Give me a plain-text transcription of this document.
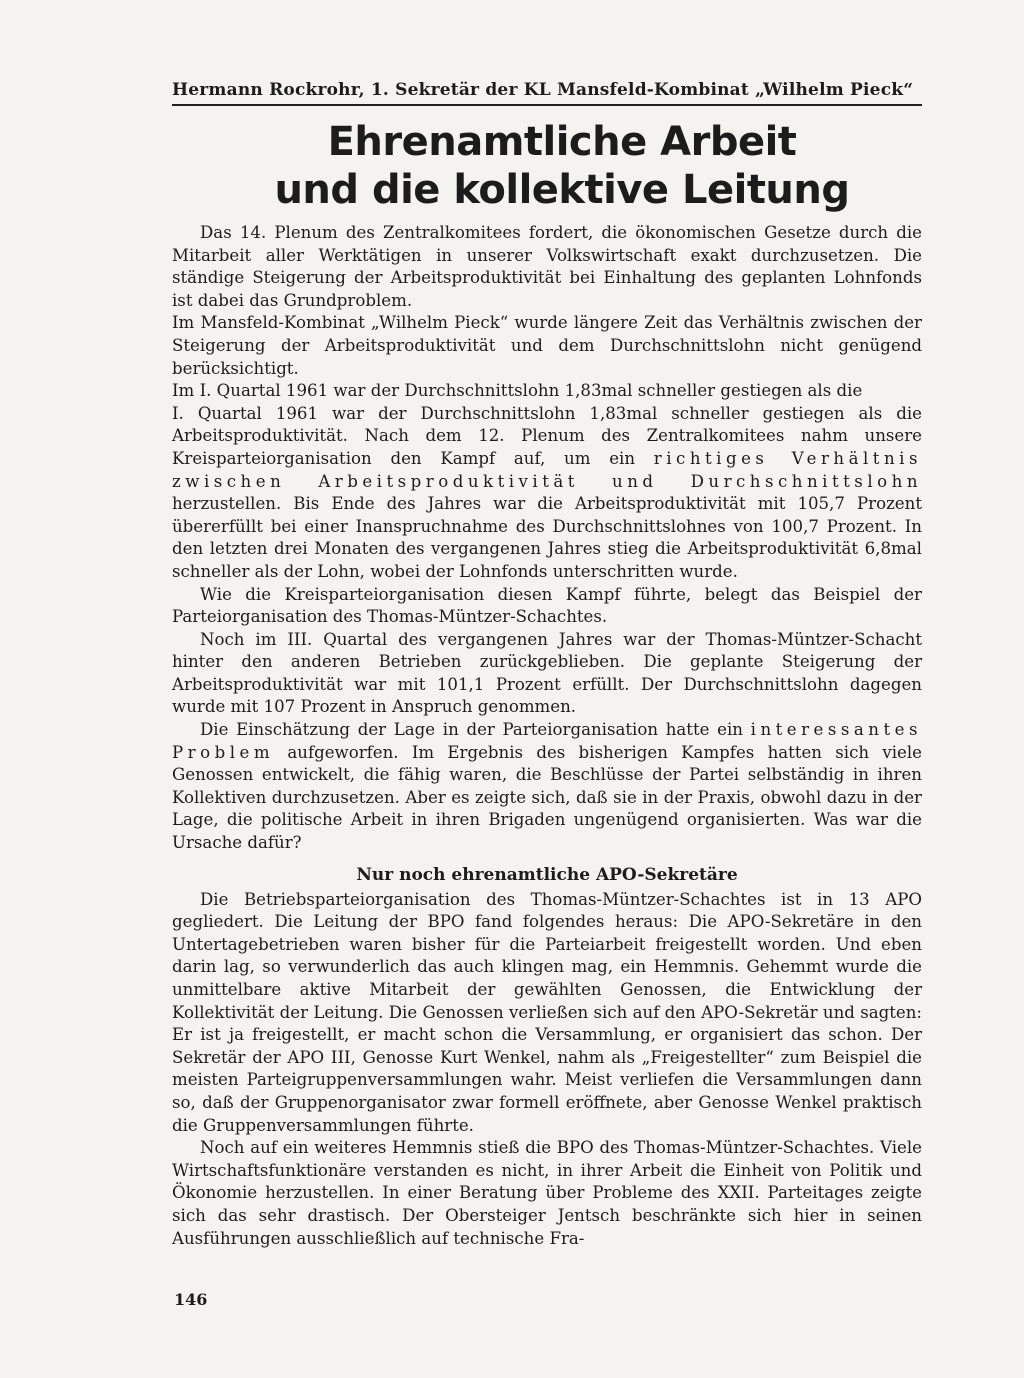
Hermann Rockrohr, 1. Sekretär der KL Mansfeld-Kombinat „Wilhelm Pieck“
Ehrenamtliche Arbeit
und die kollektive Leitung

Das 14. Plenum des Zentralkomitees fordert, die ökonomischen Gesetze durch die Mitarbeit aller Werktätigen in unserer Volkswirtschaft exakt durchzusetzen. Die ständige Steigerung der Arbeitsproduktivität bei Einhaltung des geplanten Lohnfonds ist dabei das Grundproblem.

Im Mansfeld-Kombinat „Wilhelm Pieck“ wurde längere Zeit das Verhältnis zwischen der Steigerung der Arbeitsproduktivität und dem Durchschnittslohn nicht genügend berücksichtigt.

Im I. Quartal 1961 war der Durchschnittslohn 1,83mal schneller gestiegen als die

I. Quartal 1961 war der Durchschnittslohn 1,83mal schneller gestiegen als die Arbeitsproduktivität. Nach dem 12. Plenum des Zentralkomitees nahm unsere Kreisparteiorganisation den Kampf auf, um ein richtiges Verhältnis zwischen Arbeitsproduktivität und Durchschnittslohn herzustellen. Bis Ende des Jahres war die Arbeitsproduktivität mit 105,7 Prozent übererfüllt bei einer Inanspruchnahme des Durchschnittslohnes von 100,7 Prozent. In den letzten drei Monaten des vergangenen Jahres stieg die Arbeitsproduktivität 6,8mal schneller als der Lohn, wobei der Lohnfonds unterschritten wurde.

Wie die Kreisparteiorganisation diesen Kampf führte, belegt das Beispiel der Parteiorganisation des Thomas-Müntzer-Schachtes.

Noch im III. Quartal des vergangenen Jahres war der Thomas-Müntzer-Schacht hinter den anderen Betrieben zurückgeblieben. Die geplante Steigerung der Arbeitsproduktivität war mit 101,1 Prozent erfüllt. Der Durchschnittslohn dagegen wurde mit 107 Prozent in Anspruch genommen.

Die Einschätzung der Lage in der Parteiorganisation hatte ein interessantes Problem aufgeworfen. Im Ergebnis des bisherigen Kampfes hatten sich viele Genossen entwickelt, die fähig waren, die Beschlüsse der Partei selbständig in ihren Kollektiven durchzusetzen. Aber es zeigte sich, daß sie in der Praxis, obwohl dazu in der Lage, die politische Arbeit in ihren Brigaden ungenügend organisierten. Was war die Ursache dafür?

Nur noch ehrenamtliche APO-Sekretäre

Die Betriebsparteiorganisation des Thomas-Müntzer-Schachtes ist in 13 APO gegliedert. Die Leitung der BPO fand folgendes heraus: Die APO-Sekretäre in den Untertagebetrieben waren bisher für die Parteiarbeit freigestellt worden. Und eben darin lag, so verwunderlich das auch klingen mag, ein Hemmnis. Gehemmt wurde die unmittelbare aktive Mitarbeit der gewählten Genossen, die Entwicklung der Kollektivität der Leitung. Die Genossen verließen sich auf den APO-Sekretär und sagten: Er ist ja freigestellt, er macht schon die Versammlung, er organisiert das schon. Der Sekretär der APO III, Genosse Kurt Wenkel, nahm als „Freigestellter“ zum Beispiel die meisten Parteigruppenversammlungen wahr. Meist verliefen die Versammlungen dann so, daß der Gruppenorganisator zwar formell eröffnete, aber Genosse Wenkel praktisch die Gruppenversammlungen führte.

Noch auf ein weiteres Hemmnis stieß die BPO des Thomas-Müntzer-Schachtes. Viele Wirtschaftsfunktionäre verstanden es nicht, in ihrer Arbeit die Einheit von Politik und Ökonomie herzustellen. In einer Beratung über Probleme des XXII. Parteitages zeigte sich das sehr drastisch. Der Obersteiger Jentsch beschränkte sich hier in seinen Ausführungen ausschließlich auf technische Fra-

146
